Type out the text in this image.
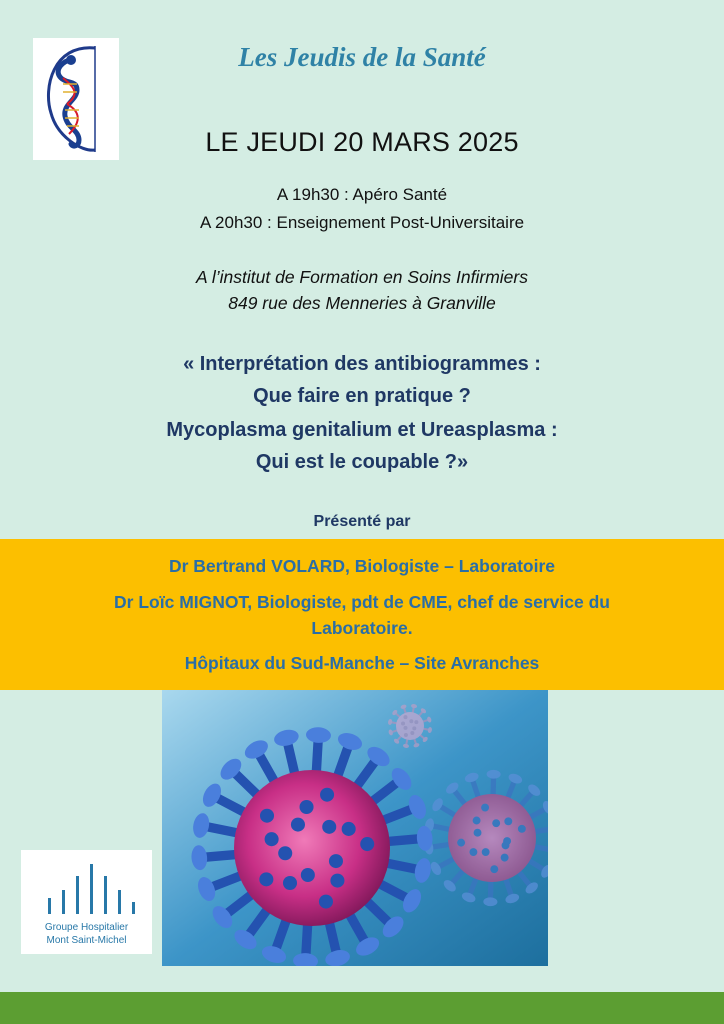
Les Jeudis de la Santé
LE JEUDI 20 MARS 2025
A 19h30 : Apéro Santé
A 20h30 : Enseignement Post-Universitaire
A l’institut de Formation en Soins Infirmiers
849 rue des Menneries à Granville
« Interprétation des antibiogrammes :
Que faire en pratique ?
Mycoplasma genitalium et Ureasplasma :
Qui est le coupable ?»
Présenté par
Dr Bertrand VOLARD, Biologiste – Laboratoire
Dr Loïc MIGNOT, Biologiste, pdt de CME, chef de service du
Laboratoire.
Hôpitaux du Sud-Manche – Site Avranches
Groupe Hospitalier
Mont Saint-Michel
